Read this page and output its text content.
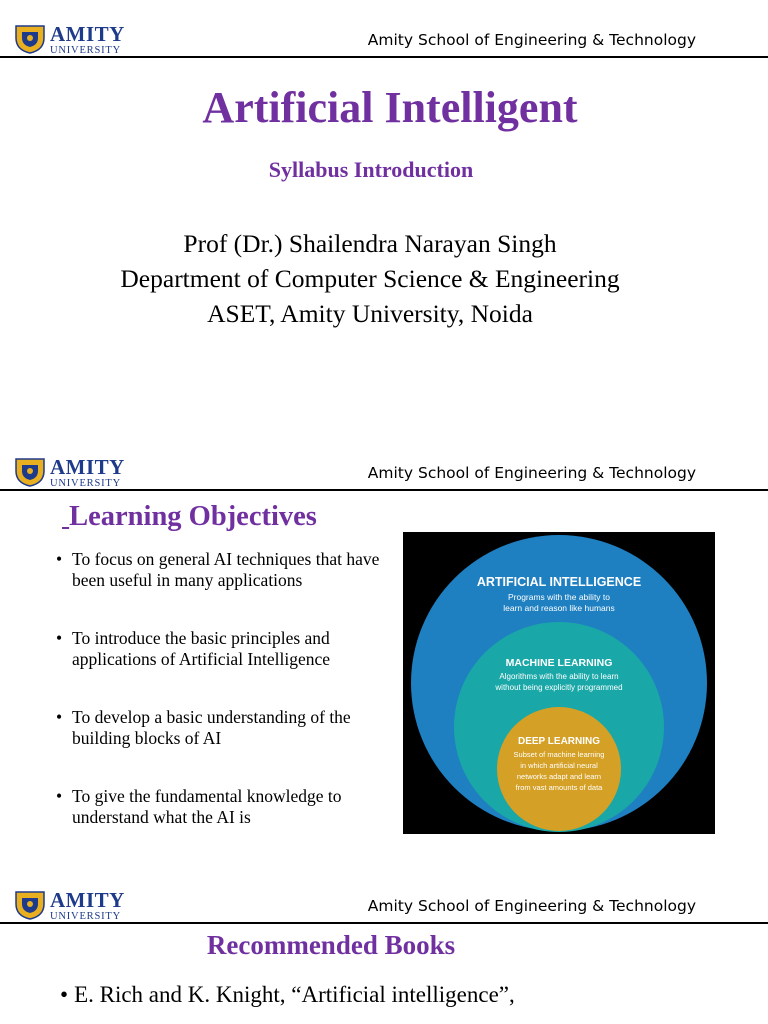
AMITY
UNIVERSITY
Amity School of Engineering & Technology
Artificial Intelligent
Syllabus Introduction
Prof (Dr.) Shailendra Narayan Singh
Department of Computer Science & Engineering
ASET, Amity University, Noida
AMITY
UNIVERSITY
Amity School of Engineering & Technology
Learning Objectives
• To focus on general AI techniques that have
been useful in many applications
• To introduce the basic principles and
applications of Artificial Intelligence
• To develop a basic understanding of the
building blocks of AI
• To give the fundamental knowledge to
understand what the AI is
ARTIFICIAL INTELLIGENCE
Programs with the ability to
learn and reason like humans
MACHINE LEARNING
Algorithms with the ability to learn
without being explicitly programmed
DEEP LEARNING
Subset of machine learning
in which artificial neural
networks adapt and learn
from vast amounts of data
AMITY
UNIVERSITY
Amity School of Engineering & Technology
Recommended Books
• E. Rich and K. Knight, “Artificial intelligence”,
